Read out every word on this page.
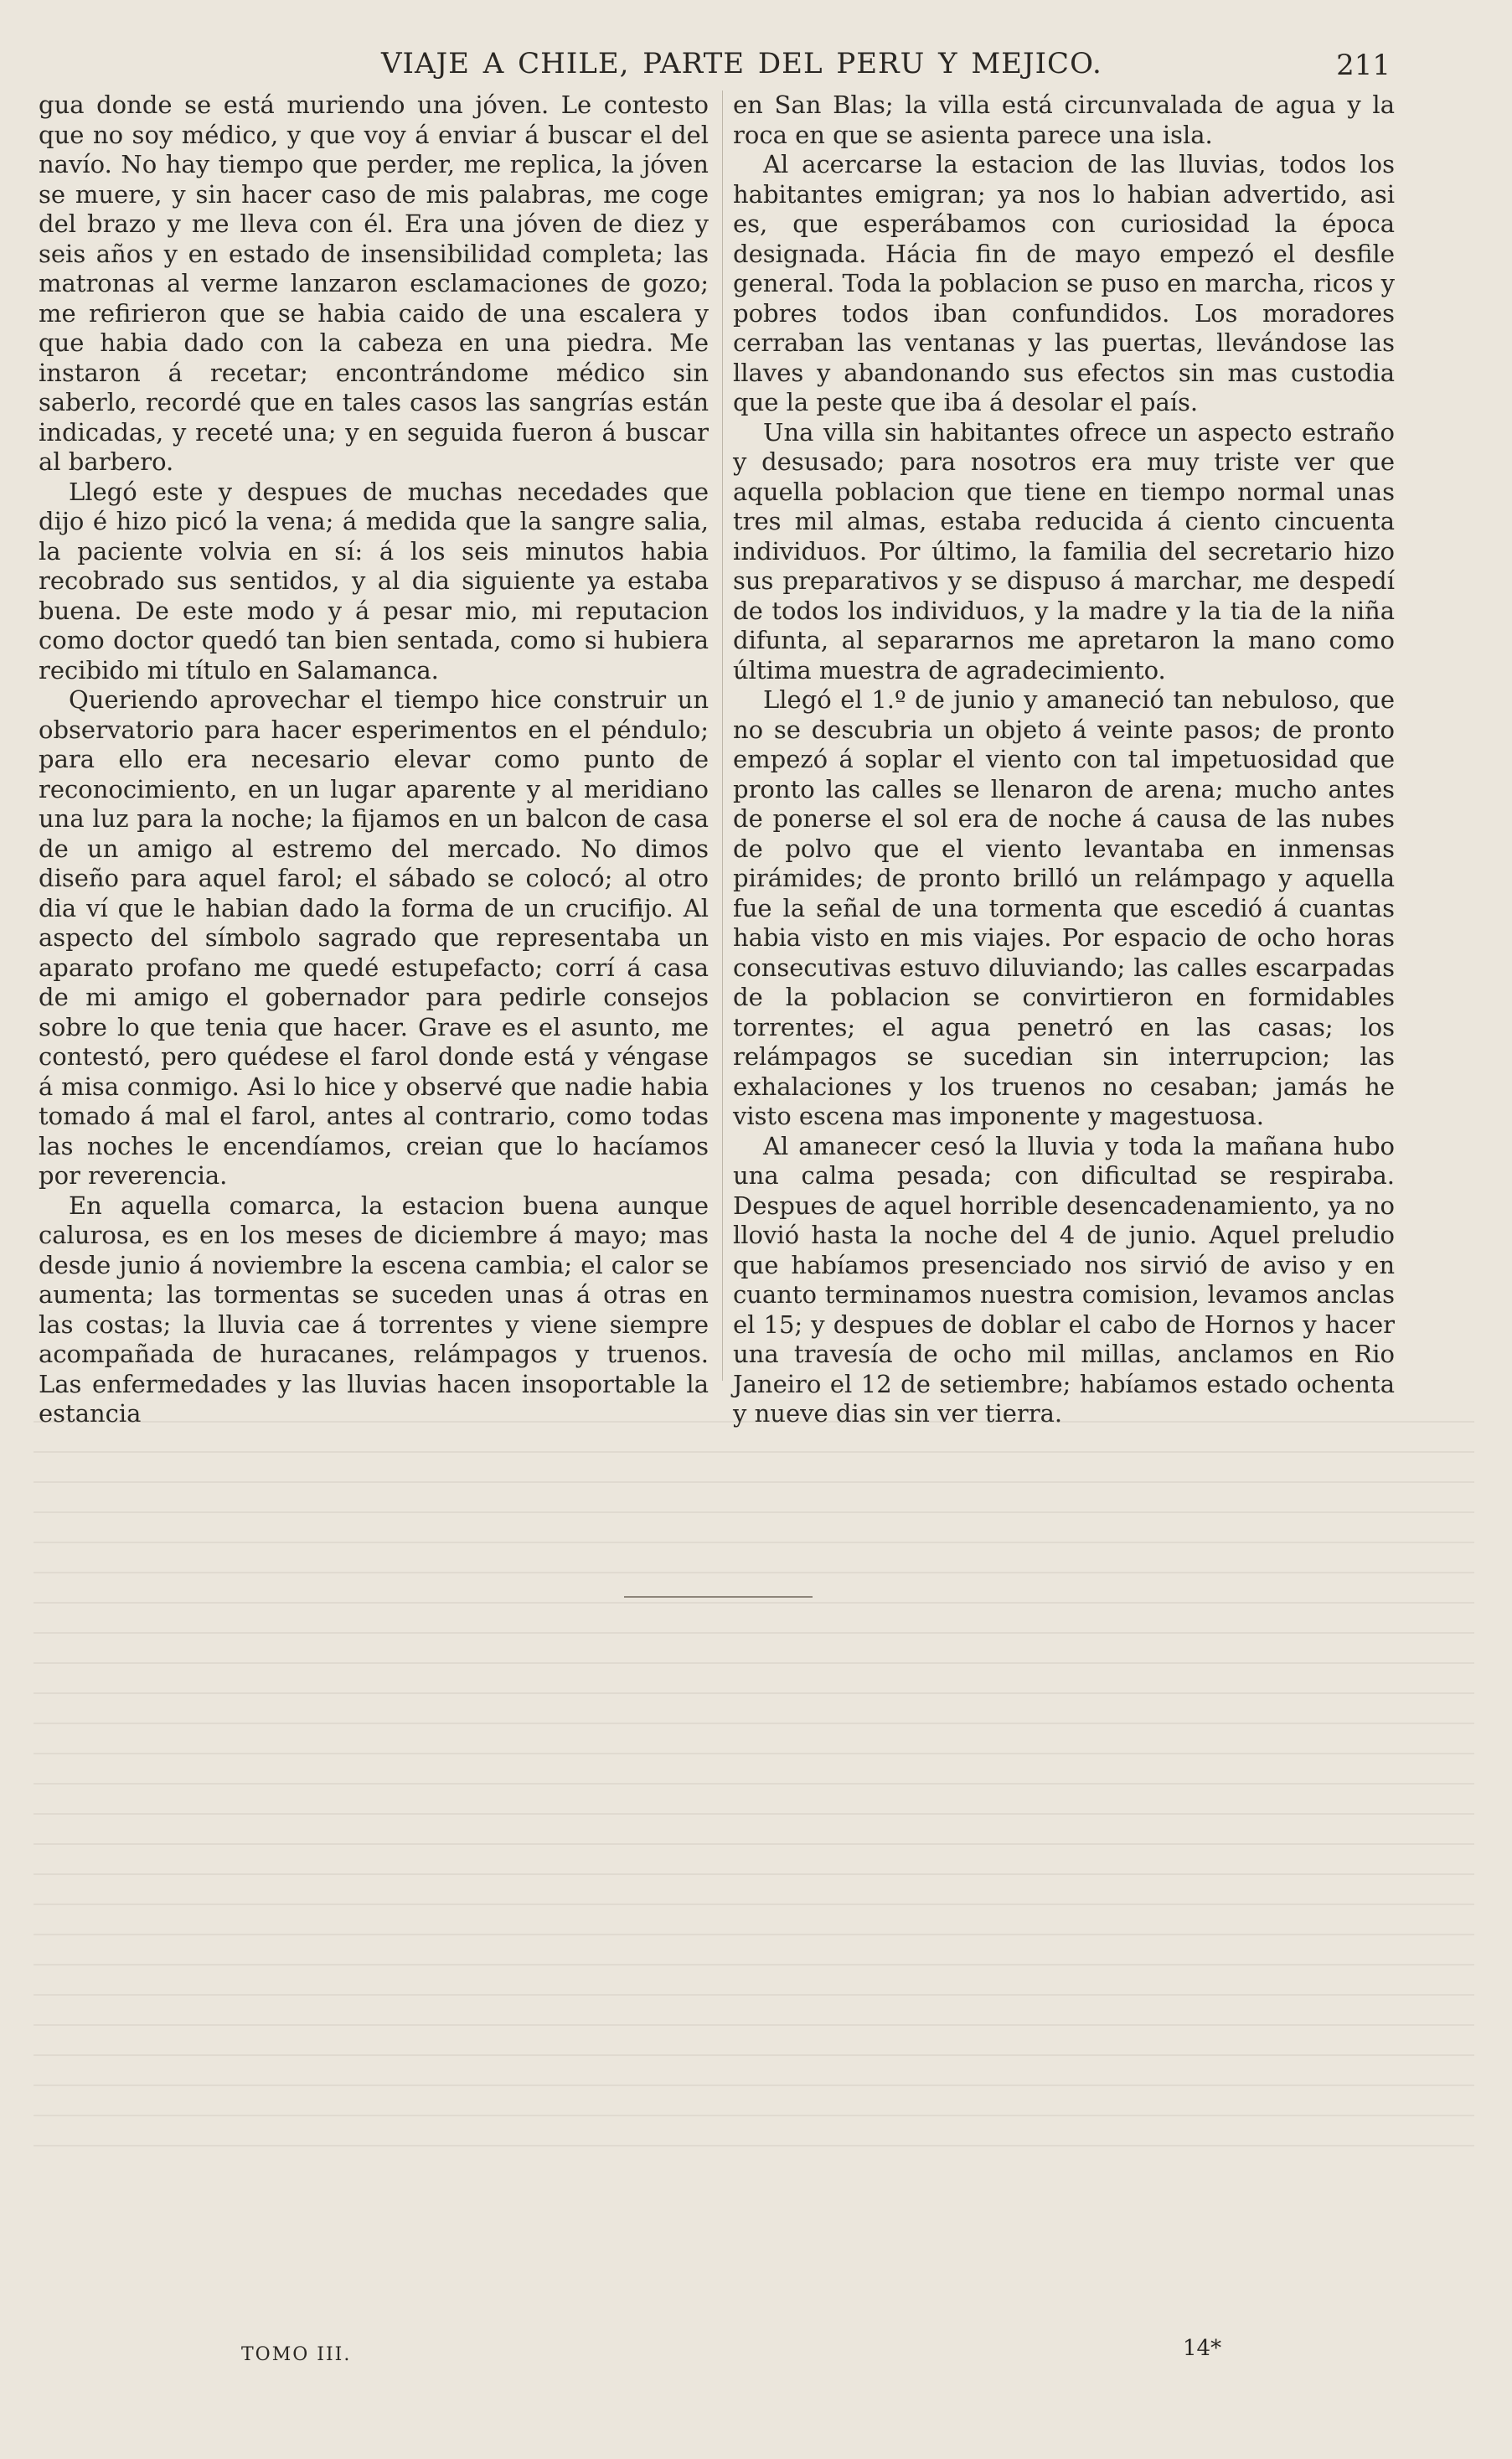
VIAJE A CHILE, PARTE DEL PERU Y MEJICO.	211

gua donde se está muriendo una jóven. Le contesto que no soy médico, y que voy á enviar á buscar el del navío. No hay tiempo que perder, me replica, la jóven se muere, y sin hacer caso de mis palabras, me coge del brazo y me lleva con él. Era una jóven de diez y seis años y en estado de insensibilidad completa; las matronas al verme lanzaron esclamaciones de gozo; me refirieron que se habia caido de una escalera y que habia dado con la cabeza en una piedra. Me instaron á recetar; encontrándome médico sin saberlo, recordé que en tales casos las sangrías están indicadas, y receté una; y en seguida fueron á buscar al barbero.

Llegó este y despues de muchas necedades que dijo é hizo picó la vena; á medida que la sangre salia, la paciente volvia en sí: á los seis minutos habia recobrado sus sentidos, y al dia siguiente ya estaba buena. De este modo y á pesar mio, mi reputacion como doctor quedó tan bien sentada, como si hubiera recibido mi título en Salamanca.

Queriendo aprovechar el tiempo hice construir un observatorio para hacer esperimentos en el péndulo; para ello era necesario elevar como punto de reconocimiento, en un lugar aparente y al meridiano una luz para la noche; la fijamos en un balcon de casa de un amigo al estremo del mercado. No dimos diseño para aquel farol; el sábado se colocó; al otro dia ví que le habian dado la forma de un crucifijo. Al aspecto del símbolo sagrado que representaba un aparato profano me quedé estupefacto; corrí á casa de mi amigo el gobernador para pedirle consejos sobre lo que tenia que hacer. Grave es el asunto, me contestó, pero quédese el farol donde está y véngase á misa conmigo. Asi lo hice y observé que nadie habia tomado á mal el farol, antes al contrario, como todas las noches le encendíamos, creian que lo hacíamos por reverencia.

En aquella comarca, la estacion buena aunque calurosa, es en los meses de diciembre á mayo; mas desde junio á noviembre la escena cambia; el calor se aumenta; las tormentas se suceden unas á otras en las costas; la lluvia cae á torrentes y viene siempre acompañada de huracanes, relámpagos y truenos. Las enfermedades y las lluvias hacen insoportable la estancia

en San Blas; la villa está circunvalada de agua y la roca en que se asienta parece una isla.

Al acercarse la estacion de las lluvias, todos los habitantes emigran; ya nos lo habian advertido, asi es, que esperábamos con curiosidad la época designada. Hácia fin de mayo empezó el desfile general. Toda la poblacion se puso en marcha, ricos y pobres todos iban confundidos. Los moradores cerraban las ventanas y las puertas, llevándose las llaves y abandonando sus efectos sin mas custodia que la peste que iba á desolar el país.

Una villa sin habitantes ofrece un aspecto estraño y desusado; para nosotros era muy triste ver que aquella poblacion que tiene en tiempo normal unas tres mil almas, estaba reducida á ciento cincuenta individuos. Por último, la familia del secretario hizo sus preparativos y se dispuso á marchar, me despedí de todos los individuos, y la madre y la tia de la niña difunta, al separarnos me apretaron la mano como última muestra de agradecimiento.

Llegó el 1.º de junio y amaneció tan nebuloso, que no se descubria un objeto á veinte pasos; de pronto empezó á soplar el viento con tal impetuosidad que pronto las calles se llenaron de arena; mucho antes de ponerse el sol era de noche á causa de las nubes de polvo que el viento levantaba en inmensas pirámides; de pronto brilló un relámpago y aquella fue la señal de una tormenta que escedió á cuantas habia visto en mis viajes. Por espacio de ocho horas consecutivas estuvo diluviando; las calles escarpadas de la poblacion se convirtieron en formidables torrentes; el agua penetró en las casas; los relámpagos se sucedian sin interrupcion; las exhalaciones y los truenos no cesaban; jamás he visto escena mas imponente y magestuosa.

Al amanecer cesó la lluvia y toda la mañana hubo una calma pesada; con dificultad se respiraba. Despues de aquel horrible desencadenamiento, ya no llovió hasta la noche del 4 de junio. Aquel preludio que habíamos presenciado nos sirvió de aviso y en cuanto terminamos nuestra comision, levamos anclas el 15; y despues de doblar el cabo de Hornos y hacer una travesía de ocho mil millas, anclamos en Rio Janeiro el 12 de setiembre; habíamos estado ochenta y nueve dias sin ver tierra.

TOMO III.	14*
